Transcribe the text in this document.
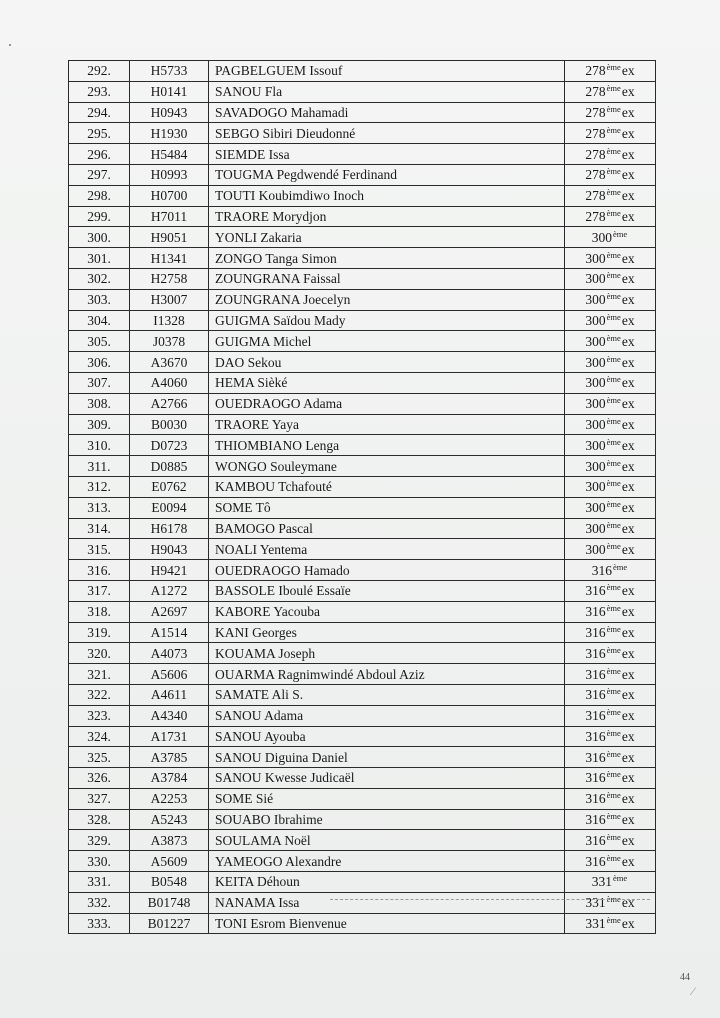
292.	H5733	PAGBELGUEM Issouf	278èmeex
293.	H0141	SANOU Fla	278èmeex
294.	H0943	SAVADOGO Mahamadi	278èmeex
295.	H1930	SEBGO Sibiri Dieudonné	278èmeex
296.	H5484	SIEMDE Issa	278èmeex
297.	H0993	TOUGMA Pegdwendé Ferdinand	278èmeex
298.	H0700	TOUTI Koubimdiwo Inoch	278èmeex
299.	H7011	TRAORE Morydjon	278èmeex
300.	H9051	YONLI Zakaria	300ème
301.	H1341	ZONGO Tanga Simon	300èmeex
302.	H2758	ZOUNGRANA Faissal	300èmeex
303.	H3007	ZOUNGRANA Joecelyn	300èmeex
304.	I1328	GUIGMA Saïdou Mady	300èmeex
305.	J0378	GUIGMA Michel	300èmeex
306.	A3670	DAO Sekou	300èmeex
307.	A4060	HEMA Sièké	300èmeex
308.	A2766	OUEDRAOGO Adama	300èmeex
309.	B0030	TRAORE Yaya	300èmeex
310.	D0723	THIOMBIANO Lenga	300èmeex
311.	D0885	WONGO Souleymane	300èmeex
312.	E0762	KAMBOU Tchafouté	300èmeex
313.	E0094	SOME Tô	300èmeex
314.	H6178	BAMOGO Pascal	300èmeex
315.	H9043	NOALI Yentema	300èmeex
316.	H9421	OUEDRAOGO Hamado	316ème
317.	A1272	BASSOLE Iboulé Essaïe	316èmeex
318.	A2697	KABORE Yacouba	316èmeex
319.	A1514	KANI Georges	316èmeex
320.	A4073	KOUAMA Joseph	316èmeex
321.	A5606	OUARMA Ragnimwindé Abdoul Aziz	316èmeex
322.	A4611	SAMATE Ali S.	316èmeex
323.	A4340	SANOU Adama	316èmeex
324.	A1731	SANOU Ayouba	316èmeex
325.	A3785	SANOU Diguina Daniel	316èmeex
326.	A3784	SANOU Kwesse Judicaël	316èmeex
327.	A2253	SOME Sié	316èmeex
328.	A5243	SOUABO Ibrahime	316èmeex
329.	A3873	SOULAMA Noël	316èmeex
330.	A5609	YAMEOGO Alexandre	316èmeex
331.	B0548	KEITA Déhoun	331ème
332.	B01748	NANAMA Issa	331èmeex
333.	B01227	TONI Esrom Bienvenue	331èmeex
44
⁄
